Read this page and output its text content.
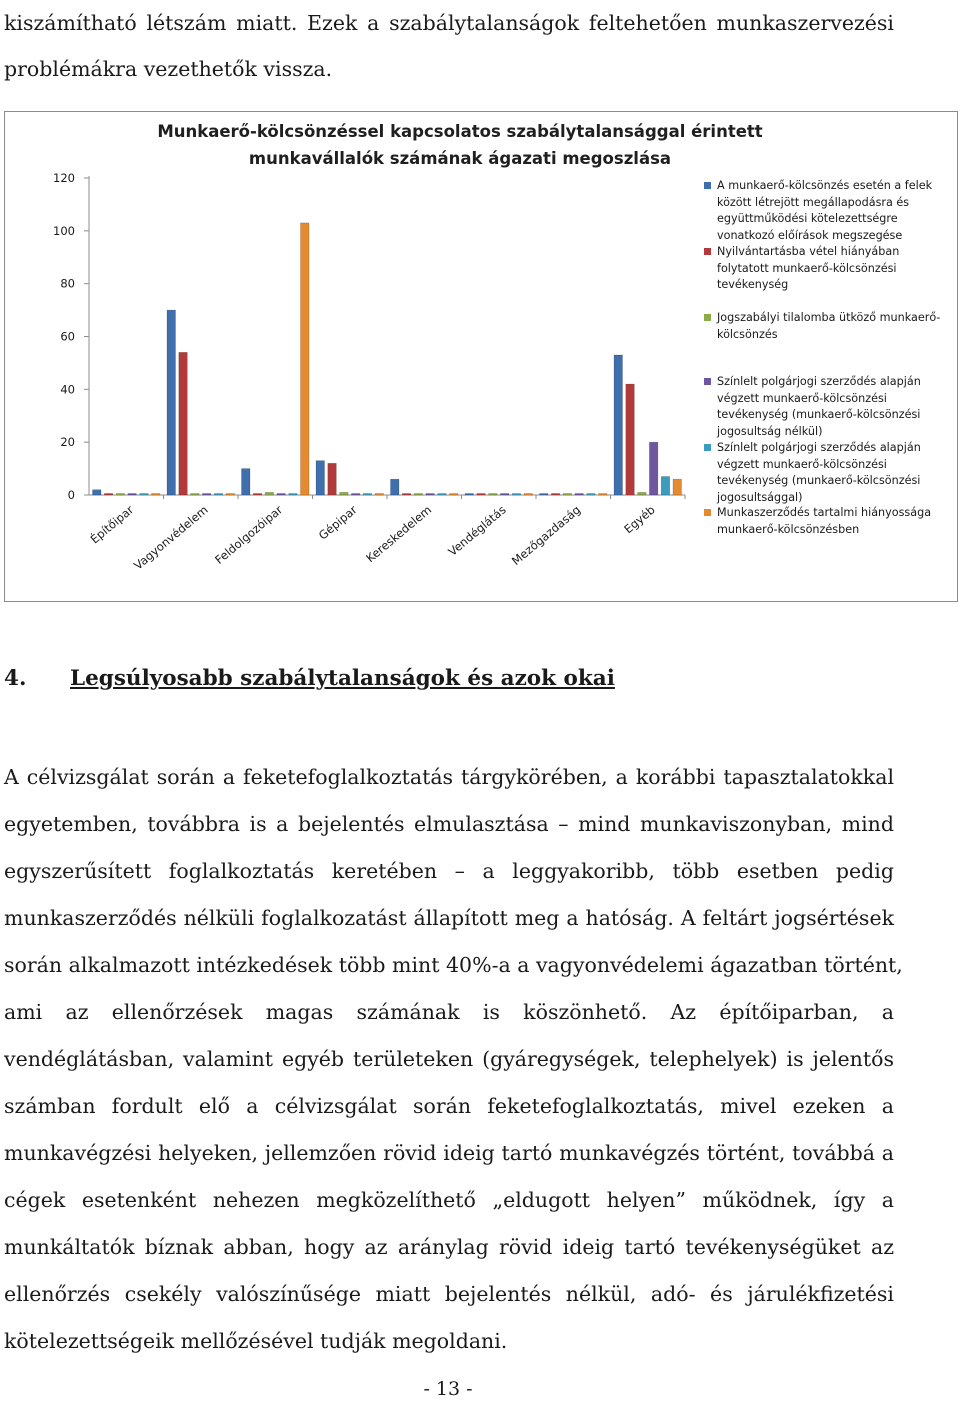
kiszámítható létszám miatt. Ezek a szabálytalanságok feltehetően munkaszervezési
problémákra vezethetők vissza.
0
20
40
60
80
100
120
Építőipar
Vagyonvédelem Feldolgozóipar	Gépipar Kereskedelem Vendéglátás Mezőgazdaság	Egyéb
Munkaerő-kölcsönzéssel kapcsolatos szabálytalansággal érintett munkavállalók számának ágazati megoszlása
A munkaerő-kölcsönzés esetén a felek között létrejött megállapodásra és együttműködési kötelezettségre vonatkozó előírások megszegése
Nyilvántartásba vétel hiányában folytatott munkaerő-kölcsönzési tevékenység
Jogszabályi tilalomba ütköző munkaerő-kölcsönzés
Színlelt polgárjogi szerződés alapján végzett munkaerő-kölcsönzési tevékenység (munkaerő-kölcsönzési jogosultság nélkül)
Színlelt polgárjogi szerződés alapján végzett munkaerő-kölcsönzési tevékenység (munkaerő-kölcsönzési jogosultsággal)
Munkaszerződés tartalmi hiányossága munkaerő-kölcsönzésben
4. Legsúlyosabb szabálytalanságok és azok okai
A célvizsgálat során a feketefoglalkoztatás tárgykörében, a korábbi tapasztalatokkal
egyetemben, továbbra is a bejelentés elmulasztása – mind munkaviszonyban, mind
egyszerűsített foglalkoztatás keretében – a leggyakoribb, több esetben pedig
munkaszerződés nélküli foglalkozatást állapított meg a hatóság. A feltárt jogsértések
során alkalmazott intézkedések több mint 40%-a a vagyonvédelemi ágazatban történt,
ami az ellenőrzések magas számának is köszönhető. Az építőiparban, a
vendéglátásban, valamint egyéb területeken (gyáregységek, telephelyek) is jelentős
számban fordult elő a célvizsgálat során feketefoglalkoztatás, mivel ezeken a
munkavégzési helyeken, jellemzően rövid ideig tartó munkavégzés történt, továbbá a
cégek esetenként nehezen megközelíthető „eldugott helyen” működnek, így a
munkáltatók bíznak abban, hogy az aránylag rövid ideig tartó tevékenységüket az
ellenőrzés csekély valószínűsége miatt bejelentés nélkül, adó- és járulékfizetési
kötelezettségeik mellőzésével tudják megoldani.
- 13 -
